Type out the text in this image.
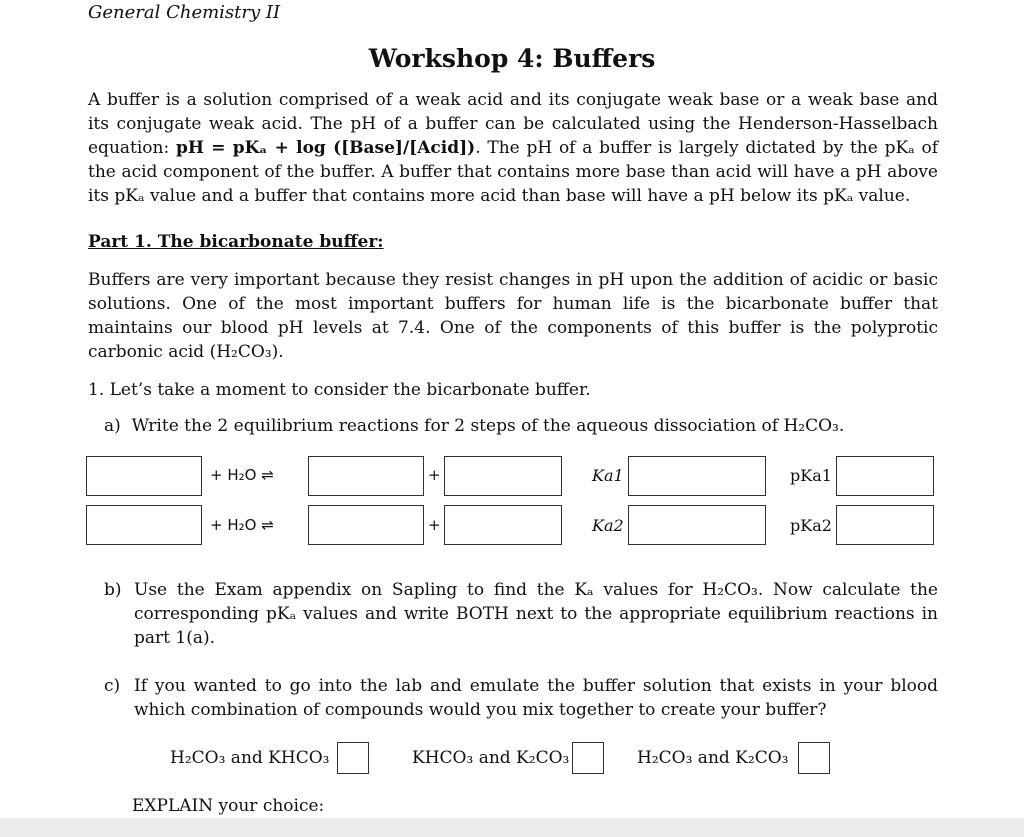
General Chemistry II
Workshop 4: Buffers
A buffer is a solution comprised of a weak acid and its conjugate weak base or a weak base and its conjugate weak acid. The pH of a buffer can be calculated using the Henderson-Hasselbach equation: pH = pKₐ + log ([Base]/[Acid]). The pH of a buffer is largely dictated by the pKₐ of the acid component of the buffer. A buffer that contains more base than acid will have a pH above its pKₐ value and a buffer that contains more acid than base will have a pH below its pKₐ value.
Part 1. The bicarbonate buffer:
Buffers are very important because they resist changes in pH upon the addition of acidic or basic solutions. One of the most important buffers for human life is the bicarbonate buffer that maintains our blood pH levels at 7.4. One of the components of this buffer is the polyprotic carbonic acid (H₂CO₃).
1. Let’s take a moment to consider the bicarbonate buffer.
a) Write the 2 equilibrium reactions for 2 steps of the aqueous dissociation of H₂CO₃.
+ H₂O ⇌	+	Ka1	pKa1
+ H₂O ⇌	+	Ka2	pKa2
b) Use the Exam appendix on Sapling to find the Kₐ values for H₂CO₃. Now calculate the corresponding pKₐ values and write BOTH next to the appropriate equilibrium reactions in part 1(a).
c) If you wanted to go into the lab and emulate the buffer solution that exists in your blood which combination of compounds would you mix together to create your buffer?
H₂CO₃ and KHCO₃	KHCO₃ and K₂CO₃	H₂CO₃ and K₂CO₃
EXPLAIN your choice:
